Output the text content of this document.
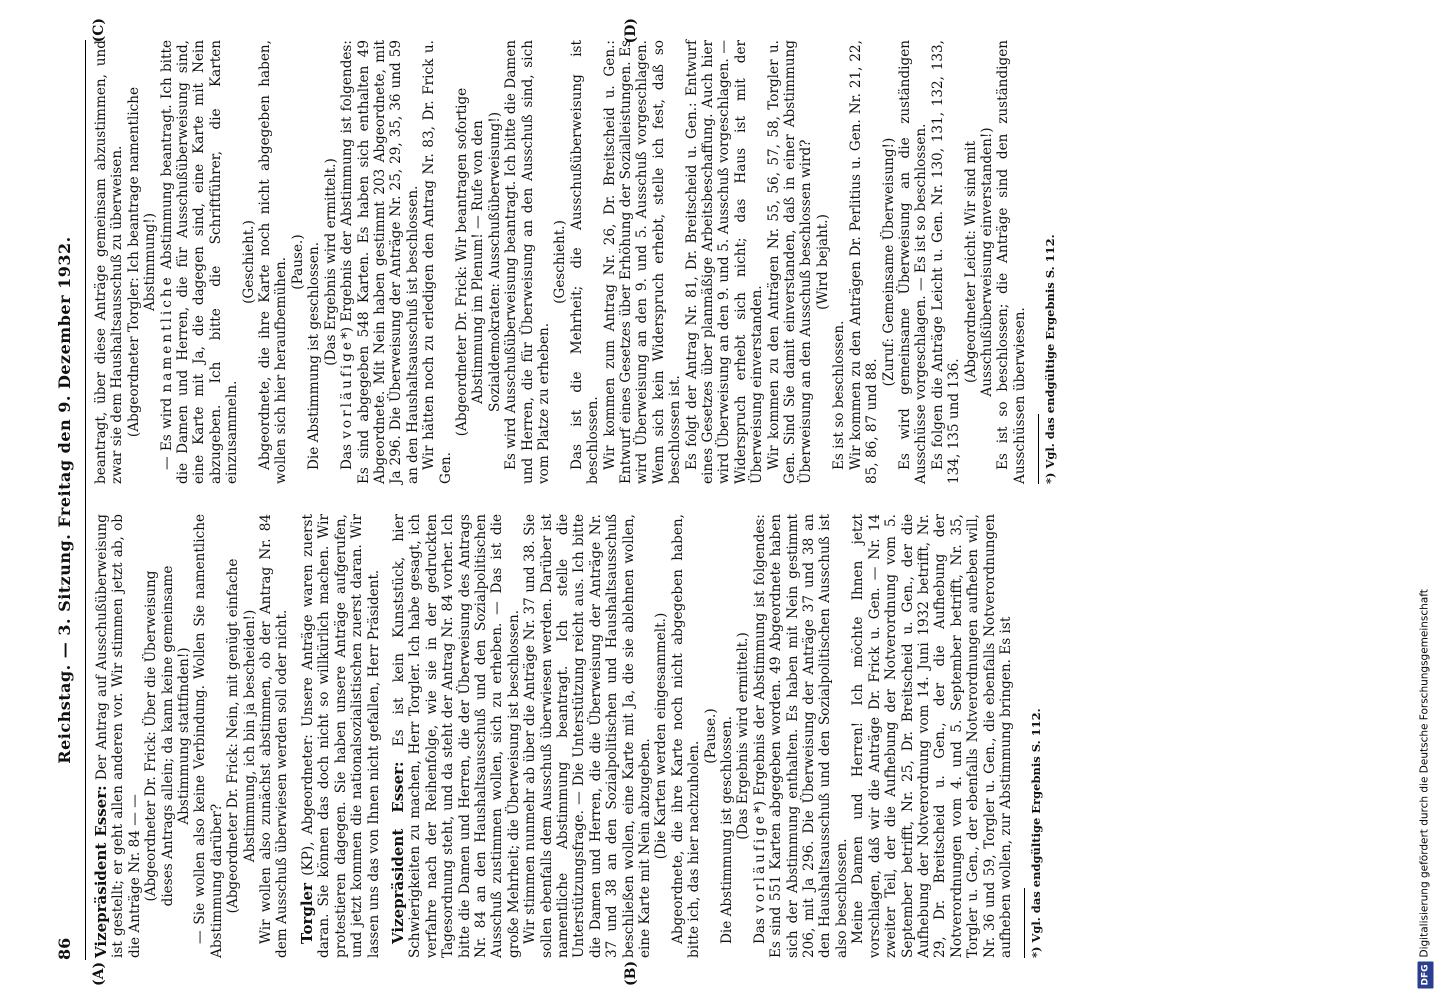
86
Reichstag. — 3. Sitzung. Freitag den 9. Dezember 1932.
(A)	(B)
(C)	(D)

Vizepräsident Esser: Der Antrag auf Ausschußüberweisung ist gestellt; er geht allen anderen vor. Wir stimmen jetzt ab, ob die Anträge Nr. 84 — — (Abgeordneter Dr. Frick: Über die Überweisung dieses Antrags allein; da kann keine gemeinsame Abstimmung stattfinden!) — Sie wollen also keine Verbindung. Wollen Sie namentliche Abstimmung darüber? (Abgeordneter Dr. Frick: Nein, mit genügt einfache Abstimmung, ich bin ja bescheiden!) Wir wollen also zunächst abstimmen, ob der Antrag Nr. 84 dem Ausschuß überwiesen werden soll oder nicht. Torgler (KP), Abgeordneter: Unsere Anträge waren zuerst daran. Sie können das doch nicht so willkürlich machen. Wir protestieren dagegen. Sie haben unsere Anträge aufgerufen, und jetzt kommen die nationalsozialistischen zuerst daran. Wir lassen uns das von Ihnen nicht gefallen, Herr Präsident. Vizepräsident Esser: Es ist kein Kunststück, hier Schwierigkeiten zu machen, Herr Torgler. Ich habe gesagt, ich verfahre nach der Reihenfolge, wie sie in der gedruckten Tagesordnung steht, und da steht der Antrag Nr. 84 vorher. Ich bitte die Damen und Herren, die der Überweisung des Antrags Nr. 84 an den Haushaltsausschuß und den Sozialpolitischen Ausschuß zustimmen wollen, sich zu erheben. — Das ist die große Mehrheit; die Überweisung ist beschlossen. Wir stimmen nunmehr ab über die Anträge Nr. 37 und 38. Sie sollen ebenfalls dem Ausschuß überwiesen werden. Darüber ist namentliche Abstimmung beantragt. Ich stelle die Unterstützungsfrage. — Die Unterstützung reicht aus. Ich bitte die Damen und Herren, die die Überweisung der Anträge Nr. 37 und 38 an den Sozialpolitischen und Haushaltsausschuß beschließen wollen, eine Karte mit Ja, die sie ablehnen wollen, eine Karte mit Nein abzugeben. (Die Karten werden eingesammelt.) Abgeordnete, die ihre Karte noch nicht abgegeben haben, bitte ich, das hier nachzuholen.

(Pause.) Die Abstimmung ist geschlossen. (Das Ergebnis wird ermittelt.)

Das vorläufige*) Ergebnis der Abstimmung ist folgendes: Es sind 551 Karten abgegeben worden. 49 Abgeordnete haben sich der Abstimmung enthalten. Es haben mit Nein gestimmt 206, mit Ja 296. Die Überweisung der Anträge 37 und 38 an den Haushaltsausschuß und den Sozialpolitischen Ausschuß ist also beschlossen. Meine Damen und Herren! Ich möchte Ihnen jetzt vorschlagen, daß wir die Anträge Dr. Frick u. Gen. — Nr. 14 zweiter Teil, der die Aufhebung der Notverordnung vom 5. September betrifft, Nr. 25, Dr. Breitscheid u. Gen., der die Aufhebung der Notverordnung vom 14. Juni 1932 betrifft, Nr. 29, Dr. Breitscheid u. Gen., der die Aufhebung der Notverordnungen vom 4. und 5. September betrifft, Nr. 35, Torgler u. Gen., der ebenfalls Notverordnungen aufheben will, Nr. 36 und 59, Torgler u. Gen., die ebenfalls Notverordnungen aufheben wollen, zur Abstimmung bringen. Es ist *) Vgl. das endgültige Ergebnis S. 112.

beantragt, über diese Anträge gemeinsam abzustimmen, und zwar sie dem Haushaltsausschuß zu überweisen. (Abgeordneter Torgler: Ich beantrage namentliche Abstimmung!)

— Es wird namentliche Abstimmung beantragt. Ich bitte die Damen und Herren, die für Ausschußüberweisung sind, eine Karte mit Ja, die dagegen sind, eine Karte mit Nein abzugeben. Ich bitte die Schriftführer, die Karten einzusammeln.

(Geschieht.) Abgeordnete, die ihre Karte noch nicht abgegeben haben, wollen sich hier heraufbemühen. (Pause.) Die Abstimmung ist geschlossen. (Das Ergebnis wird ermittelt.)

Das vorläufige*) Ergebnis der Abstimmung ist folgendes: Es sind abgegeben 548 Karten. Es haben sich enthalten 49 Abgeordnete. Mit Nein haben gestimmt 203 Abgeordnete, mit Ja 296. Die Überweisung der Anträge Nr. 25, 29, 35, 36 und 59 an den Haushaltsausschuß ist beschlossen. Wir hätten noch zu erledigen den Antrag Nr. 83, Dr. Frick u. Gen.

(Abgeordneter Dr. Frick: Wir beantragen sofortige Abstimmung im Plenum! — Rufe von den Sozialdemokraten: Ausschußüberweisung!) Es wird Ausschußüberweisung beantragt. Ich bitte die Damen und Herren, die für Überweisung an den Ausschuß sind, sich vom Platze zu erheben.

(Geschieht.) Das ist die Mehrheit; die Ausschußüberweisung ist beschlossen. Wir kommen zum Antrag Nr. 26, Dr. Breitscheid u. Gen.: Entwurf eines Gesetzes über Erhöhung der Sozialleistungen. Es wird Überweisung an den 9. und 5. Ausschuß vorgeschlagen. Wenn sich kein Widerspruch erhebt, stelle ich fest, daß so beschlossen ist. Es folgt der Antrag Nr. 81, Dr. Breitscheid u. Gen.: Entwurf eines Gesetzes über planmäßige Arbeitsbeschaffung. Auch hier wird Überweisung an den 9. und 5. Ausschuß vorgeschlagen. — Widerspruch erhebt sich nicht; das Haus ist mit der Überweisung einverstanden. Wir kommen zu den Anträgen Nr. 55, 56, 57, 58, Torgler u. Gen. Sind Sie damit einverstanden, daß in einer Abstimmung Überweisung an den Ausschuß beschlossen wird? (Wird bejaht.)

Es ist so beschlossen. Wir kommen zu den Anträgen Dr. Perlitius u. Gen. Nr. 21, 22, 85, 86, 87 und 88.

(Zuruf: Gemeinsame Überweisung!) Es wird gemeinsame Überweisung an die zuständigen Ausschüsse vorgeschlagen. — Es ist so beschlossen. Es folgen die Anträge Leicht u. Gen. Nr. 130, 131, 132, 133, 134, 135 und 136.

(Abgeordneter Leicht: Wir sind mit Ausschußüberweisung einverstanden!) Es ist so beschlossen; die Anträge sind den zuständigen Ausschüssen überwiesen. *) Vgl. das endgültige Ergebnis S. 112.

DFGDigitalisierung gefördert durch die Deutsche Forschungsgemeinschaft
